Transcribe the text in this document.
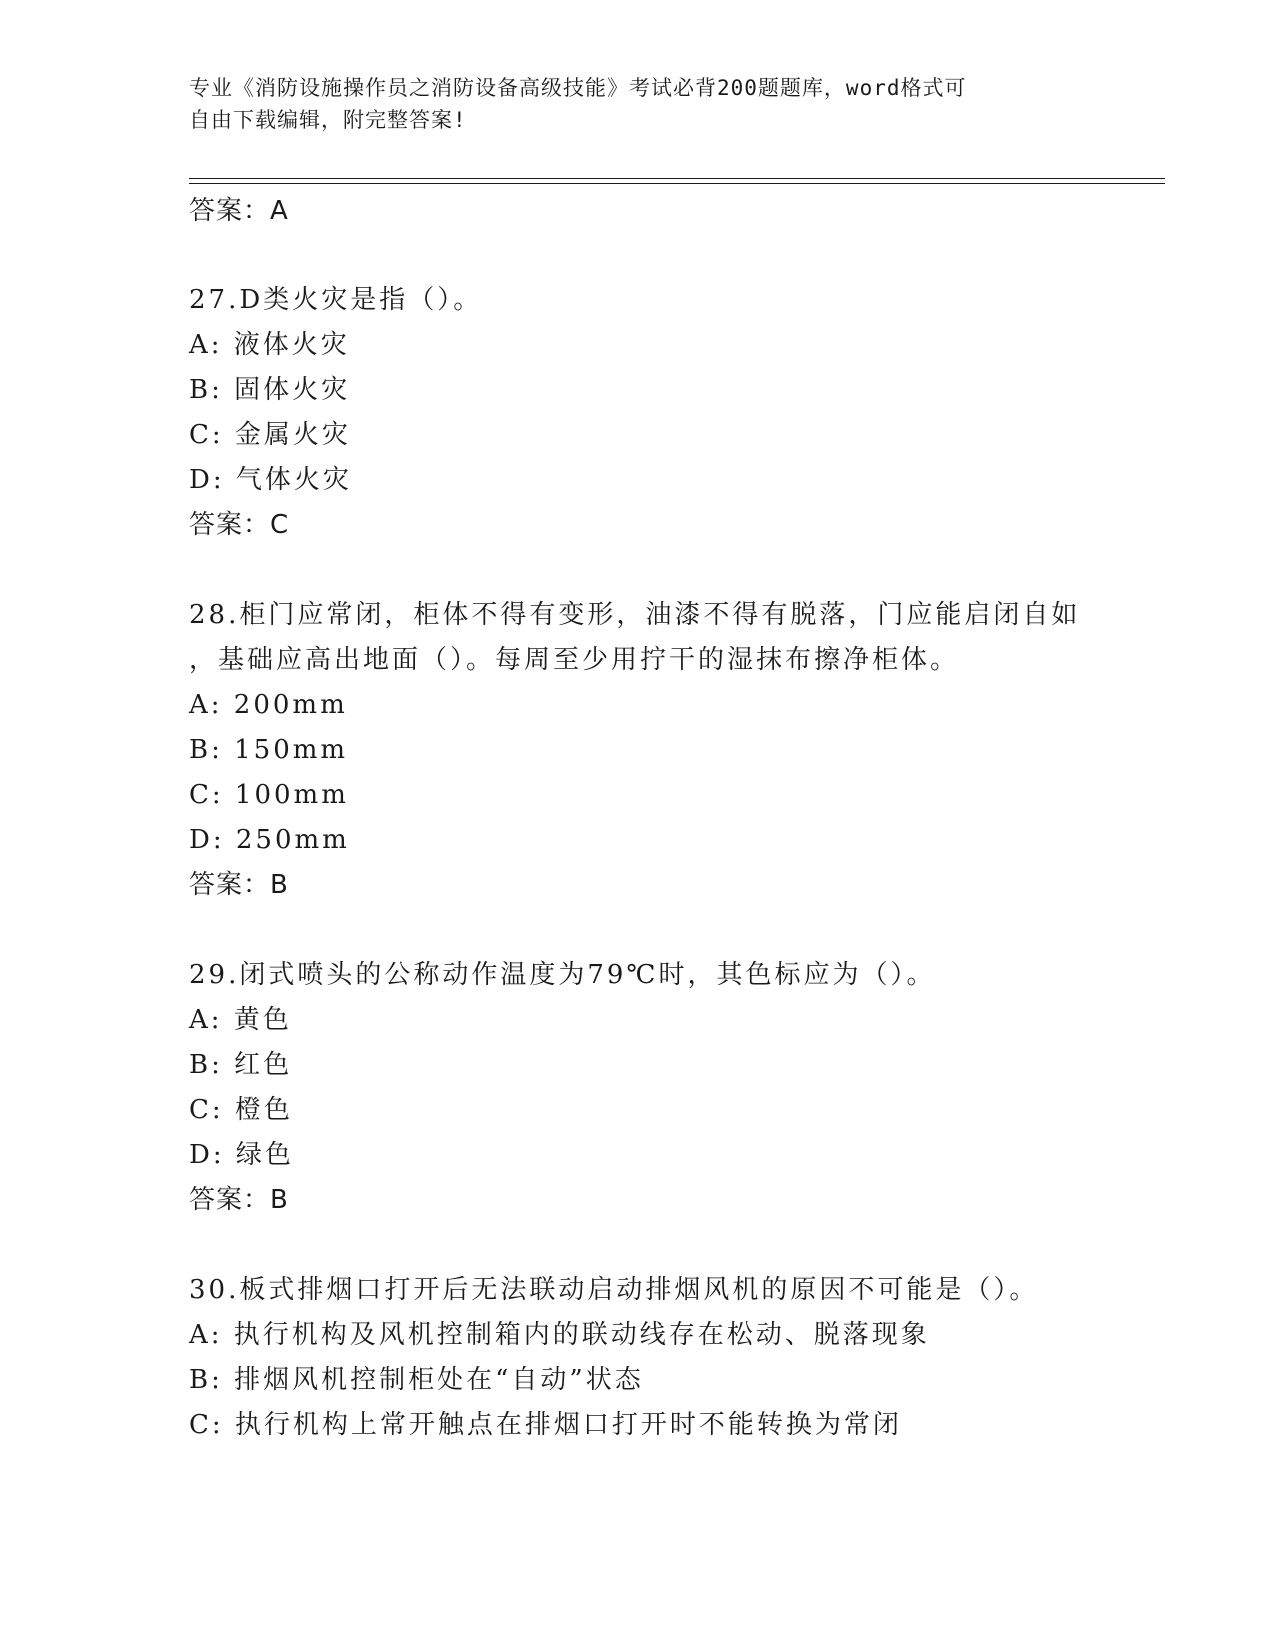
专业《消防设施操作员之消防设备高级技能》考试必背200题题库，word格式可
自由下载编辑，附完整答案!
答案：A
27.D类火灾是指（）。
A: 液体火灾
B: 固体火灾
C: 金属火灾
D: 气体火灾
答案：C
28.柜门应常闭，柜体不得有变形，油漆不得有脱落，门应能启闭自如
，基础应高出地面（）。每周至少用拧干的湿抹布擦净柜体。
A: 200mm
B: 150mm
C: 100mm
D: 250mm
答案：B
29.闭式喷头的公称动作温度为79℃时，其色标应为（）。
A: 黄色
B: 红色
C: 橙色
D: 绿色
答案：B
30.板式排烟口打开后无法联动启动排烟风机的原因不可能是（）。
A: 执行机构及风机控制箱内的联动线存在松动、脱落现象
B: 排烟风机控制柜处在“自动”状态
C: 执行机构上常开触点在排烟口打开时不能转换为常闭
